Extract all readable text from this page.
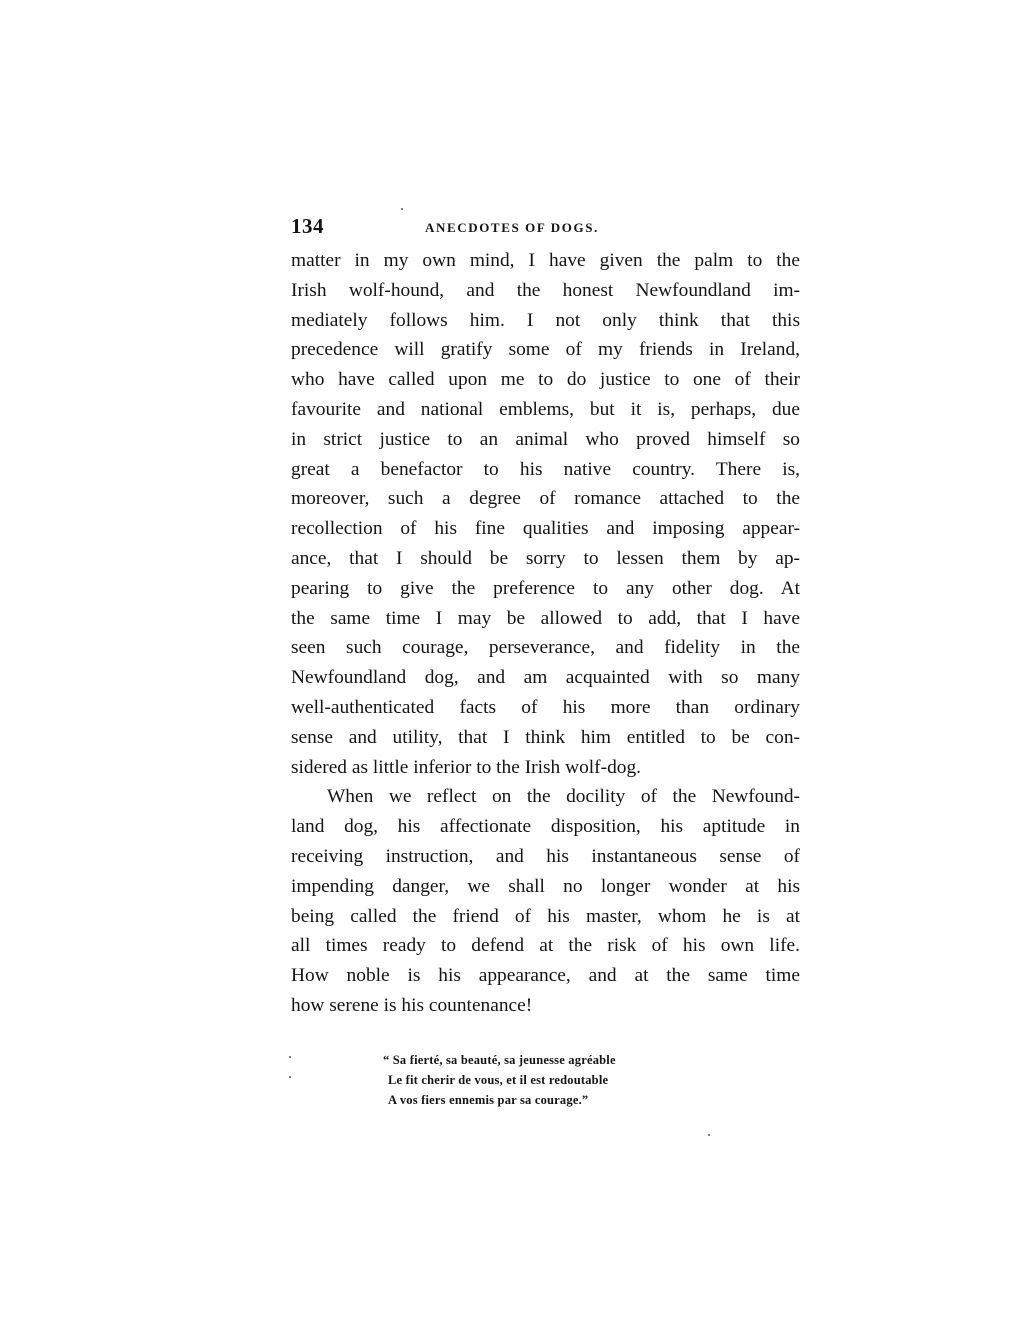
134	ANECDOTES OF DOGS.
matter in my own mind, I have given the palm to the
Irish wolf-hound, and the honest Newfoundland im-
mediately follows him. I not only think that this
precedence will gratify some of my friends in Ireland,
who have called upon me to do justice to one of their
favourite and national emblems, but it is, perhaps, due
in strict justice to an animal who proved himself so
great a benefactor to his native country. There is,
moreover, such a degree of romance attached to the
recollection of his fine qualities and imposing appear-
ance, that I should be sorry to lessen them by ap-
pearing to give the preference to any other dog. At
the same time I may be allowed to add, that I have
seen such courage, perseverance, and fidelity in the
Newfoundland dog, and am acquainted with so many
well-authenticated facts of his more than ordinary
sense and utility, that I think him entitled to be con-
sidered as little inferior to the Irish wolf-dog.
When we reflect on the docility of the Newfound-
land dog, his affectionate disposition, his aptitude in
receiving instruction, and his instantaneous sense of
impending danger, we shall no longer wonder at his
being called the friend of his master, whom he is at
all times ready to defend at the risk of his own life.
How noble is his appearance, and at the same time
how serene is his countenance!
“ Sa fierté, sa beauté, sa jeunesse agréable
Le fit cherir de vous, et il est redoutable
A vos fiers ennemis par sa courage.”
